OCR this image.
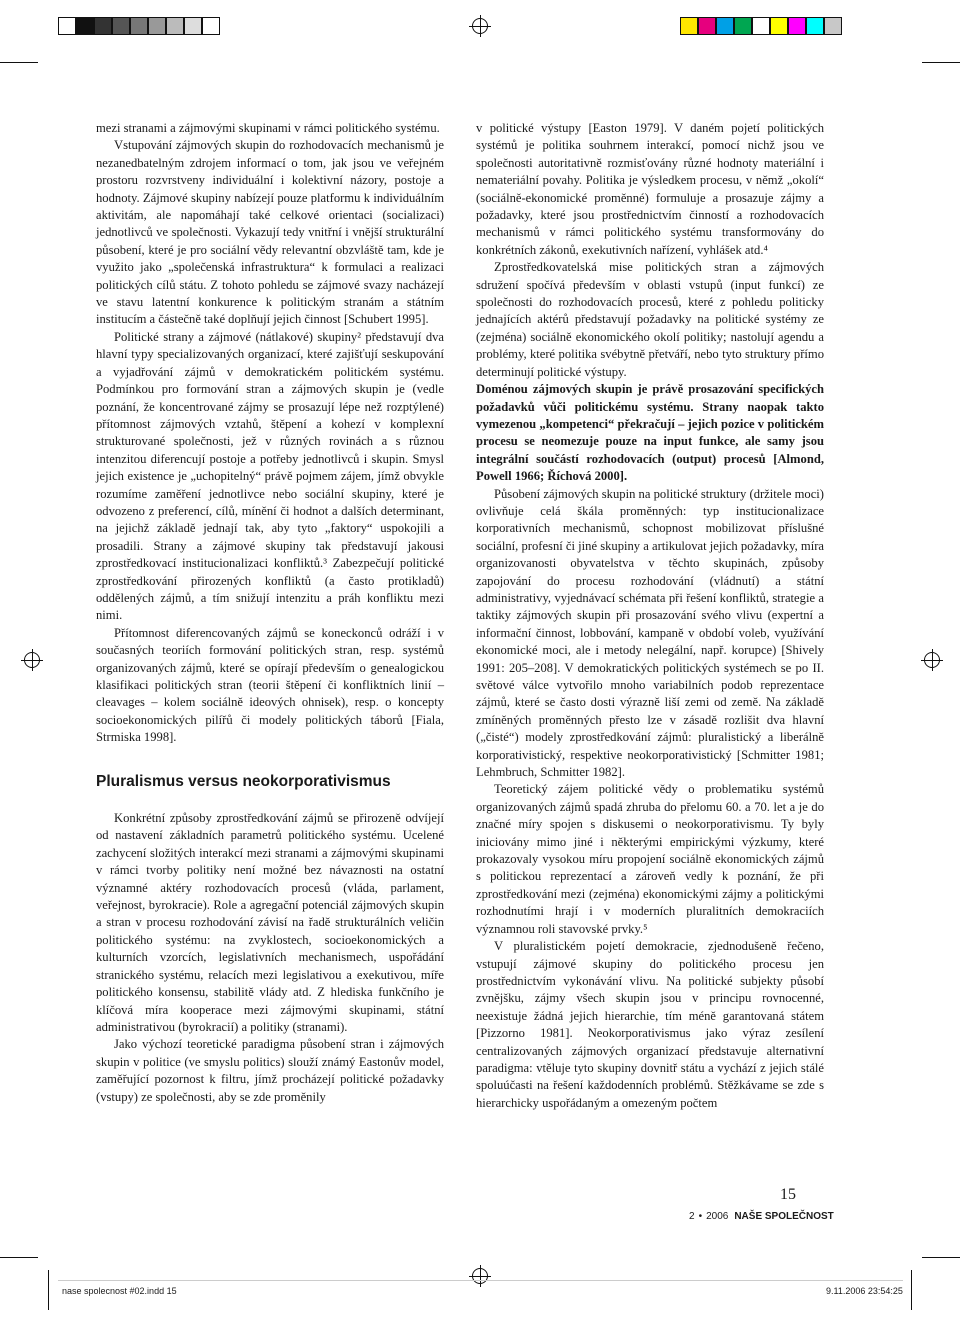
mezi stranami a zájmovými skupinami v rámci politického systému.

Vstupování zájmových skupin do rozhodovacích mechanismů je nezanedbatelným zdrojem informací o tom, jak jsou ve veřejném prostoru rozvrstveny individuální i kolektivní názory, postoje a hodnoty. Zájmové skupiny nabízejí pouze platformu k individuálním aktivitám, ale napomáhají také celkové orientaci (socializaci) jednotlivců ve společnosti. Vykazují tedy vnitřní i vnější strukturální působení, které je pro sociální vědy relevantní obzvláště tam, kde je využito jako „společenská infrastruktura“ k formulaci a realizaci politických cílů státu. Z tohoto pohledu se zájmové svazy nacházejí ve stavu latentní konkurence k politickým stranám a státním institucím a částečně také doplňují jejich činnost [Schubert 1995].

Politické strany a zájmové (nátlakové) skupiny² představují dva hlavní typy specializovaných organizací, které zajišťují seskupování a vyjadřování zájmů v demokratickém politickém systému. Podmínkou pro formování stran a zájmových skupin je (vedle poznání, že koncentrované zájmy se prosazují lépe než rozptýlené) přítomnost zájmových vztahů, štěpení a kohezí v komplexní strukturované společnosti, jež v různých rovinách a s různou intenzitou diferencují postoje a potřeby jednotlivců i skupin. Smysl jejich existence je „uchopitelný“ právě pojmem zájem, jímž obvykle rozumíme zaměření jednotlivce nebo sociální skupiny, které je odvozeno z preferencí, cílů, mínění či hodnot a dalších determinant, na jejichž základě jednají tak, aby tyto „faktory“ uspokojili a prosadili. Strany a zájmové skupiny tak představují jakousi zprostředkovací institucionalizaci konfliktů.³ Zabezpečují politické zprostředkování přirozených konfliktů (a často protikladů) oddělených zájmů, a tím snižují intenzitu a práh konfliktu mezi nimi.

Přítomnost diferencovaných zájmů se koneckonců odráží i v současných teoriích formování politických stran, resp. systémů organizovaných zájmů, které se opírají především o genealogickou klasifikaci politických stran (teorii štěpení či konfliktních linií – cleavages – kolem sociálně ideových ohnisek), resp. o koncepty socioekonomických pilířů či modely politických táborů [Fiala, Strmiska 1998].

Pluralismus versus neokorporativismus

Konkrétní způsoby zprostředkování zájmů se přirozeně odvíjejí od nastavení základních parametrů politického systému. Ucelené zachycení složitých interakcí mezi stranami a zájmovými skupinami v rámci tvorby politiky není možné bez návaznosti na ostatní významné aktéry rozhodovacích procesů (vláda, parlament, veřejnost, byrokracie). Role a agregační potenciál zájmových skupin a stran v procesu rozhodování závisí na řadě strukturálních veličin politického systému: na zvyklostech, socioekonomických a kulturních vzorcích, legislativních mechanismech, uspořádání stranického systému, relacích mezi legislativou a exekutivou, míře politického konsensu, stabilitě vlády atd. Z hlediska funkčního je klíčová míra kooperace mezi zájmovými skupinami, státní administrativou (byrokracií) a politiky (stranami).

Jako výchozí teoretické paradigma působení stran i zájmových skupin v politice (ve smyslu politics) slouží známý Eastonův model, zaměřující pozornost k filtru, jímž procházejí politické požadavky (vstupy) ze společnosti, aby se zde proměnily

v politické výstupy [Easton 1979]. V daném pojetí politických systémů je politika souhrnem interakcí, pomocí nichž jsou ve společnosti autoritativně rozmisťovány různé hodnoty materiální i nemateriální povahy. Politika je výsledkem procesu, v němž „okolí“ (sociálně-ekonomické proměnné) formuluje a prosazuje zájmy a požadavky, které jsou prostřednictvím činností a rozhodovacích mechanismů v rámci politického systému transformovány do konkrétních zákonů, exekutivních nařízení, vyhlášek atd.⁴

Zprostředkovatelská mise politických stran a zájmových sdružení spočívá především v oblasti vstupů (input funkcí) ze společnosti do rozhodovacích procesů, které z pohledu politicky jednajících aktérů představují požadavky na politické systémy ze (zejména) sociálně ekonomického okolí politiky; nastolují agendu a problémy, které politika svébytně přetváří, nebo tyto struktury přímo determinují politické výstupy.

Doménou zájmových skupin je právě prosazování specifických požadavků vůči politickému systému. Strany naopak takto vymezenou „kompetenci“ překračují – jejich pozice v politickém procesu se neomezuje pouze na input funkce, ale samy jsou integrální součástí rozhodovacích (output) procesů [Almond, Powell 1966; Říchová 2000].

Působení zájmových skupin na politické struktury (držitele moci) ovlivňuje celá škála proměnných: typ institucionalizace korporativních mechanismů, schopnost mobilizovat příslušné sociální, profesní či jiné skupiny a artikulovat jejich požadavky, míra organizovanosti obyvatelstva v těchto skupinách, způsoby zapojování do procesu rozhodování (vládnutí) a státní administrativy, vyjednávací schémata při řešení konfliktů, strategie a taktiky zájmových skupin při prosazování svého vlivu (expertní a informační činnost, lobbování, kampaně v období voleb, využívání ekonomické moci, ale i metody nelegální, např. korupce) [Shively 1991: 205–208]. V demokratických politických systémech se po II. světové válce vytvořilo mnoho variabilních podob reprezentace zájmů, které se často dosti výrazně liší zemi od země. Na základě zmíněných proměnných přesto lze v zásadě rozlišit dva hlavní („čisté“) modely zprostředkování zájmů: pluralistický a liberálně korporativistický, respektive neokorporativistický [Schmitter 1981; Lehmbruch, Schmitter 1982].

Teoretický zájem politické vědy o problematiku systémů organizovaných zájmů spadá zhruba do přelomu 60. a 70. let a je do značné míry spojen s diskusemi o neokorporativismu. Ty byly iniciovány mimo jiné i některými empirickými výzkumy, které prokazovaly vysokou míru propojení sociálně ekonomických zájmů s politickou reprezentací a zároveň vedly k poznání, že při zprostředkování mezi (zejména) ekonomickými zájmy a politickými rozhodnutími hrají i v moderních pluralitních demokraciích významnou roli stavovské prvky.⁵

V pluralistickém pojetí demokracie, zjednodušeně řečeno, vstupují zájmové skupiny do politického procesu jen prostřednictvím vykonávání vlivu. Na politické subjekty působí zvnějšku, zájmy všech skupin jsou v principu rovnocenné, neexistuje žádná jejich hierarchie, tím méně garantovaná státem [Pizzorno 1981]. Neokorporativismus jako výraz zesílení centralizovaných zájmových organizací představuje alternativní paradigma: vtěluje tyto skupiny dovnitř státu a vychází z jejich stálé spoluúčasti na řešení každodenních problémů. Stěžkávame se zde s hierarchicky uspořádaným a omezeným počtem

15
2 • 2006 NAŠE SPOLEČNOST
nase spolecnost #02.indd 15	9.11.2006 23:54:25
